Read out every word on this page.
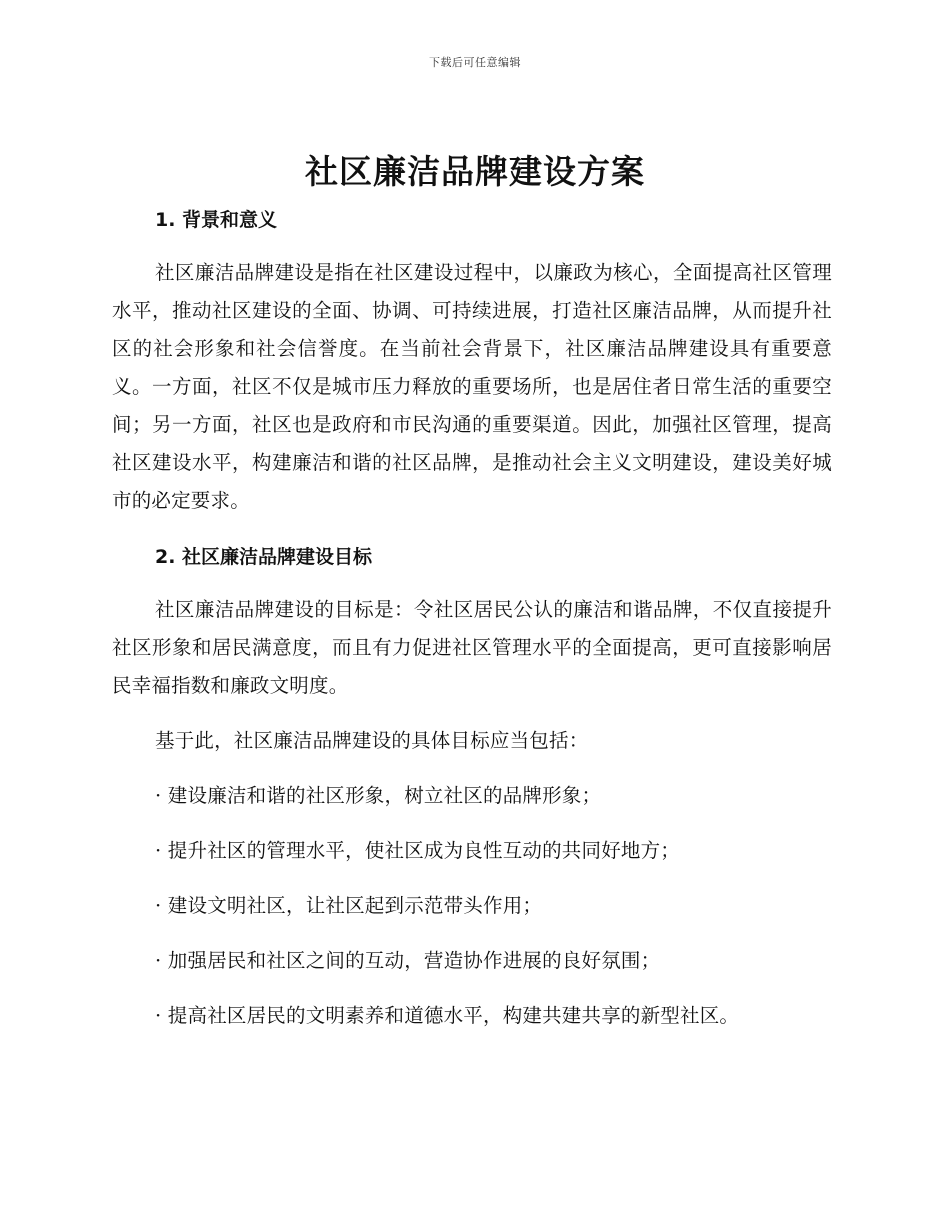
下载后可任意编辑
社区廉洁品牌建设方案
1. 背景和意义

社区廉洁品牌建设是指在社区建设过程中，以廉政为核心，全面提高社区管理水平，推动社区建设的全面、协调、可持续进展，打造社区廉洁品牌，从而提升社区的社会形象和社会信誉度。在当前社会背景下，社区廉洁品牌建设具有重要意义。一方面，社区不仅是城市压力释放的重要场所，也是居住者日常生活的重要空间；另一方面，社区也是政府和市民沟通的重要渠道。因此，加强社区管理，提高社区建设水平，构建廉洁和谐的社区品牌，是推动社会主义文明建设，建设美好城市的必定要求。

2. 社区廉洁品牌建设目标

社区廉洁品牌建设的目标是：令社区居民公认的廉洁和谐品牌，不仅直接提升社区形象和居民满意度，而且有力促进社区管理水平的全面提高，更可直接影响居民幸福指数和廉政文明度。

基于此，社区廉洁品牌建设的具体目标应当包括：

· 建设廉洁和谐的社区形象，树立社区的品牌形象；

· 提升社区的管理水平，使社区成为良性互动的共同好地方；

· 建设文明社区，让社区起到示范带头作用；

· 加强居民和社区之间的互动，营造协作进展的良好氛围；

· 提高社区居民的文明素养和道德水平，构建共建共享的新型社区。
